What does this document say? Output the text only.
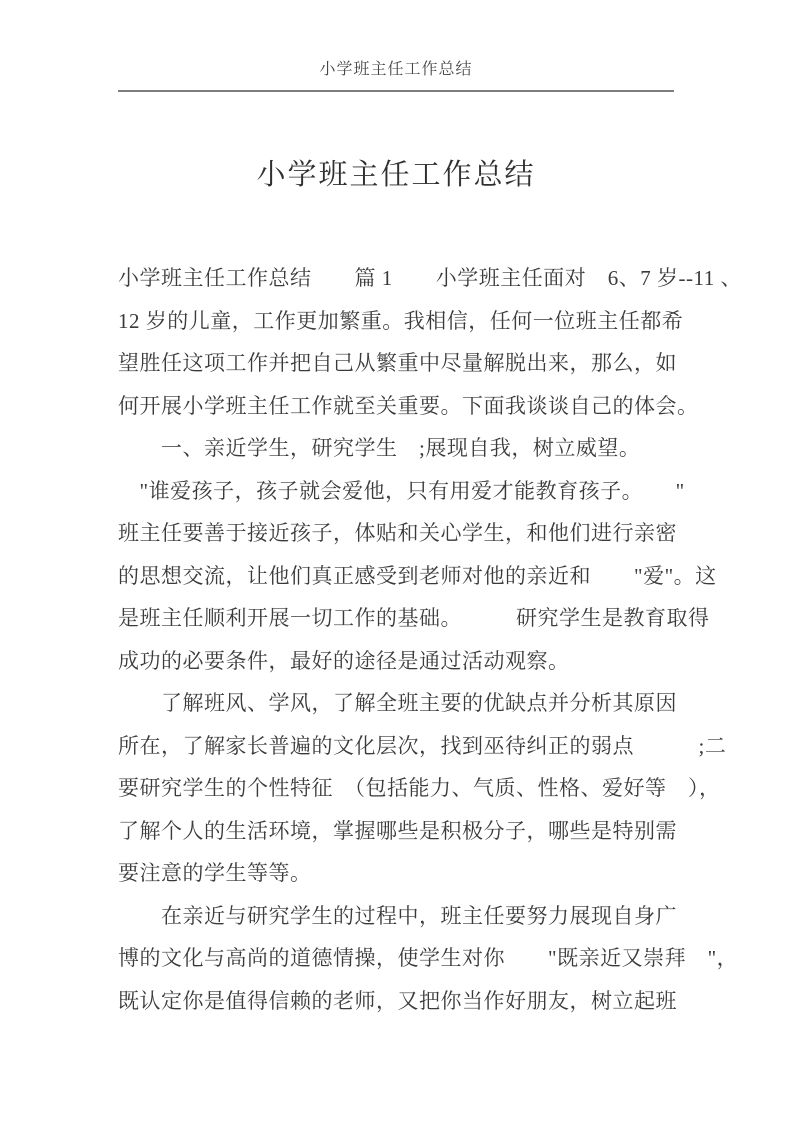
小学班主任工作总结
小学班主任工作总结
小学班主任工作总结　　篇 1　　小学班主任面对　6、7 岁--11 、
12 岁的儿童，工作更加繁重。我相信，任何一位班主任都希
望胜任这项工作并把自己从繁重中尽量解脱出来，那么，如
何开展小学班主任工作就至关重要。下面我谈谈自己的体会。
　　一、亲近学生，研究学生　;展现自我，树立威望。
　"谁爱孩子，孩子就会爱他，只有用爱才能教育孩子。　　"
班主任要善于接近孩子，体贴和关心学生，和他们进行亲密
的思想交流，让他们真正感受到老师对他的亲近和　　"爱"。这
是班主任顺利开展一切工作的基础。　　　研究学生是教育取得
成功的必要条件，最好的途径是通过活动观察。
　　了解班风、学风，了解全班主要的优缺点并分析其原因
所在，了解家长普遍的文化层次，找到巫待纠正的弱点　　　;二
要研究学生的个性特征　（包括能力、气质、性格、爱好等　），
了解个人的生活环境，掌握哪些是积极分子，哪些是特别需
要注意的学生等等。
　　在亲近与研究学生的过程中，班主任要努力展现自身广
博的文化与高尚的道德情操，使学生对你　　"既亲近又崇拜　"，
既认定你是值得信赖的老师，又把你当作好朋友，树立起班
